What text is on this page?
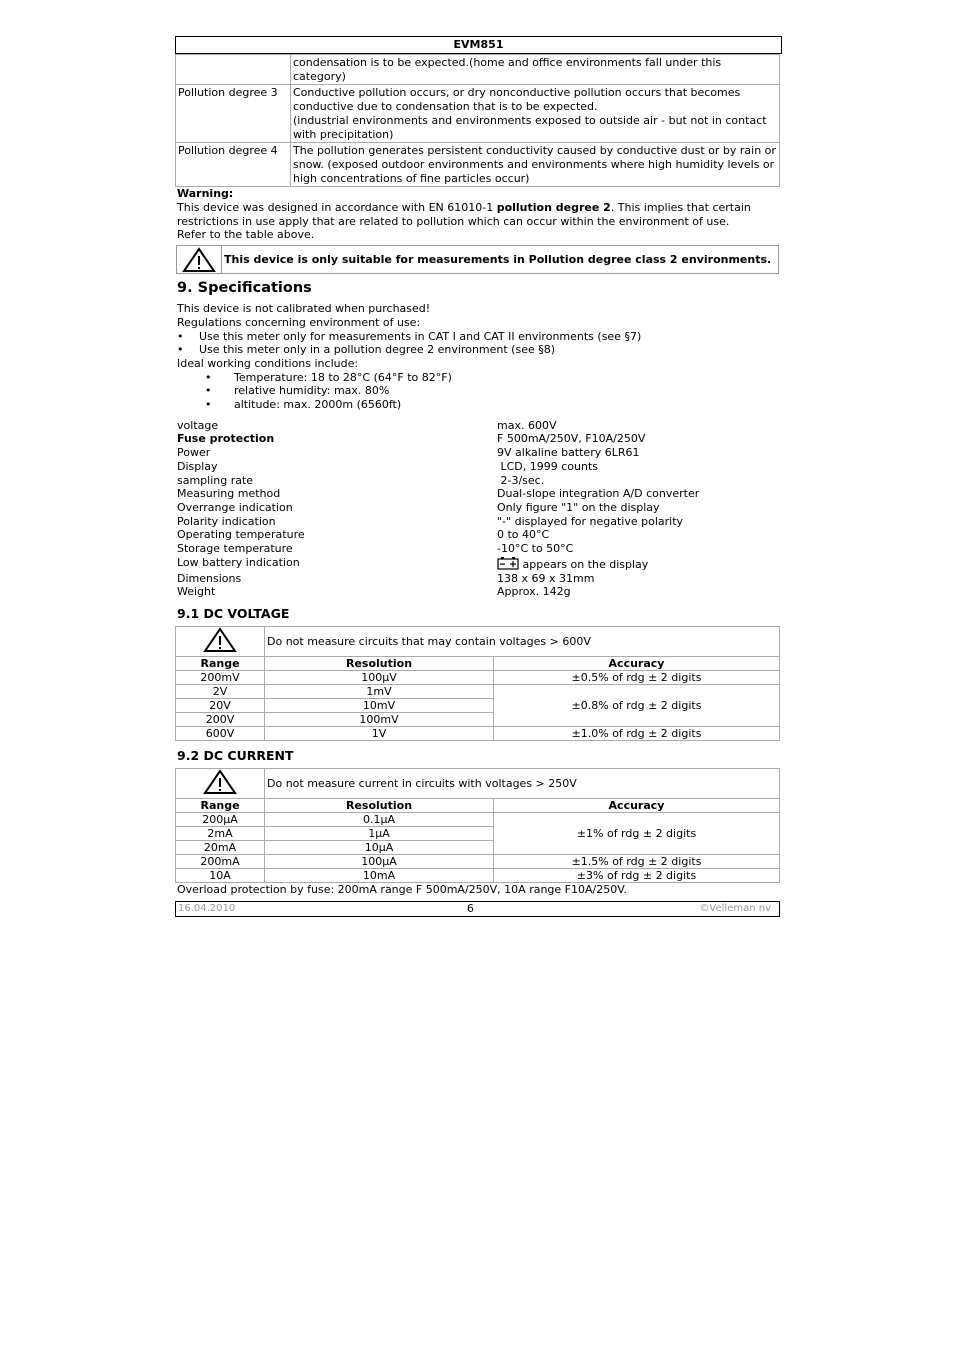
EVM851
	condensation is to be expected.(home and office environments fall under this category)
Pollution degree 3	Conductive pollution occurs, or dry nonconductive pollution occurs that becomes conductive due to condensation that is to be expected.
(industrial environments and environments exposed to outside air - but not in contact with precipitation)
Pollution degree 4	The pollution generates persistent conductivity caused by conductive dust or by rain or snow. (exposed outdoor environments and environments where high humidity levels or high concentrations of fine particles occur)
Warning:
This device was designed in accordance with EN 61010-1 pollution degree 2. This implies that certain restrictions in use apply that are related to pollution which can occur within the environment of use.
Refer to the table above.
This device is only suitable for measurements in Pollution degree class 2 environments.
9. Specifications
This device is not calibrated when purchased!
Regulations concerning environment of use:
• Use this meter only for measurements in CAT I and CAT II environments (see §7)
• Use this meter only in a pollution degree 2 environment (see §8)
Ideal working conditions include:
• Temperature: 18 to 28°C (64°F to 82°F)
• relative humidity: max. 80%
• altitude: max. 2000m (6560ft)
voltage	max. 600V
Fuse protection	F 500mA/250V, F10A/250V
Power	9V alkaline battery 6LR61
Display	LCD, 1999 counts
sampling rate	2-3/sec.
Measuring method	Dual-slope integration A/D converter
Overrange indication	Only figure "1" on the display
Polarity indication	"-" displayed for negative polarity
Operating temperature	0 to 40°C
Storage temperature	-10°C to 50°C
Low battery indication	appears on the display
Dimensions	138 x 69 x 31mm
Weight	Approx. 142g
9.1 DC VOLTAGE
	Do not measure circuits that may contain voltages > 600V	
Range	Resolution	Accuracy
200mV	100µV	±0.5% of rdg ± 2 digits
2V	1mV	±0.8% of rdg ± 2 digits
20V	10mV	
200V	100mV	
600V	1V	±1.0% of rdg ± 2 digits
9.2 DC CURRENT
	Do not measure current in circuits with voltages > 250V	
Range	Resolution	Accuracy
200µA	0.1µA	±1% of rdg ± 2 digits
2mA	1µA	
20mA	10µA	
200mA	100µA	±1.5% of rdg ± 2 digits
10A	10mA	±3% of rdg ± 2 digits
Overload protection by fuse: 200mA range F 500mA/250V, 10A range F10A/250V.
16.04.2010	6	©Velleman nv
